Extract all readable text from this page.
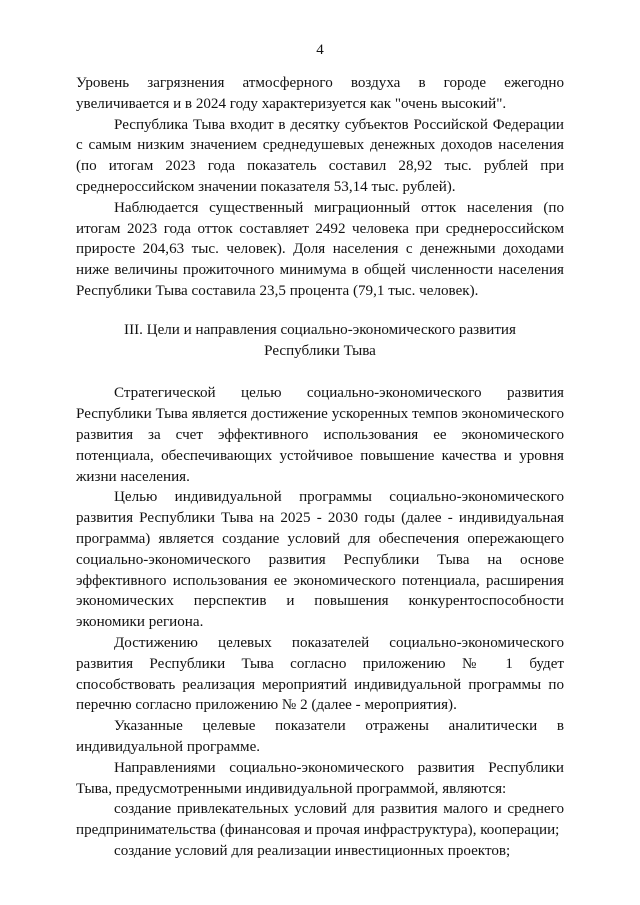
4

Уровень загрязнения атмосферного воздуха в городе ежегодно увеличивается и в 2024 году характеризуется как "очень высокий".

Республика Тыва входит в десятку субъектов Российской Федерации с самым низким значением среднедушевых денежных доходов населения (по итогам 2023 года показатель составил 28,92 тыс. рублей при среднероссийском значении показателя 53,14 тыс. рублей).

Наблюдается существенный миграционный отток населения (по итогам 2023 года отток составляет 2492 человека при среднероссийском приросте 204,63 тыс. человек). Доля населения с денежными доходами ниже величины прожиточного минимума в общей численности населения Республики Тыва составила 23,5 процента (79,1 тыс. человек).

III. Цели и направления социально-экономического развития
Республики Тыва

Стратегической целью социально-экономического развития Республики Тыва является достижение ускоренных темпов экономического развития за счет эффективного использования ее экономического потенциала, обеспечивающих устойчивое повышение качества и уровня жизни населения.

Целью индивидуальной программы социально-экономического развития Республики Тыва на 2025 - 2030 годы (далее - индивидуальная программа) является создание условий для обеспечения опережающего социально-экономического развития Республики Тыва на основе эффективного использования ее экономического потенциала, расширения экономических перспектив и повышения конкурентоспособности экономики региона.

Достижению целевых показателей социально-экономического развития Республики Тыва согласно приложению № 1 будет способствовать реализация мероприятий индивидуальной программы по перечню согласно приложению № 2 (далее - мероприятия).

Указанные целевые показатели отражены аналитически в индивидуальной программе.

Направлениями социально-экономического развития Республики Тыва, предусмотренными индивидуальной программой, являются:

создание привлекательных условий для развития малого и среднего предпринимательства (финансовая и прочая инфраструктура), кооперации;

создание условий для реализации инвестиционных проектов;
